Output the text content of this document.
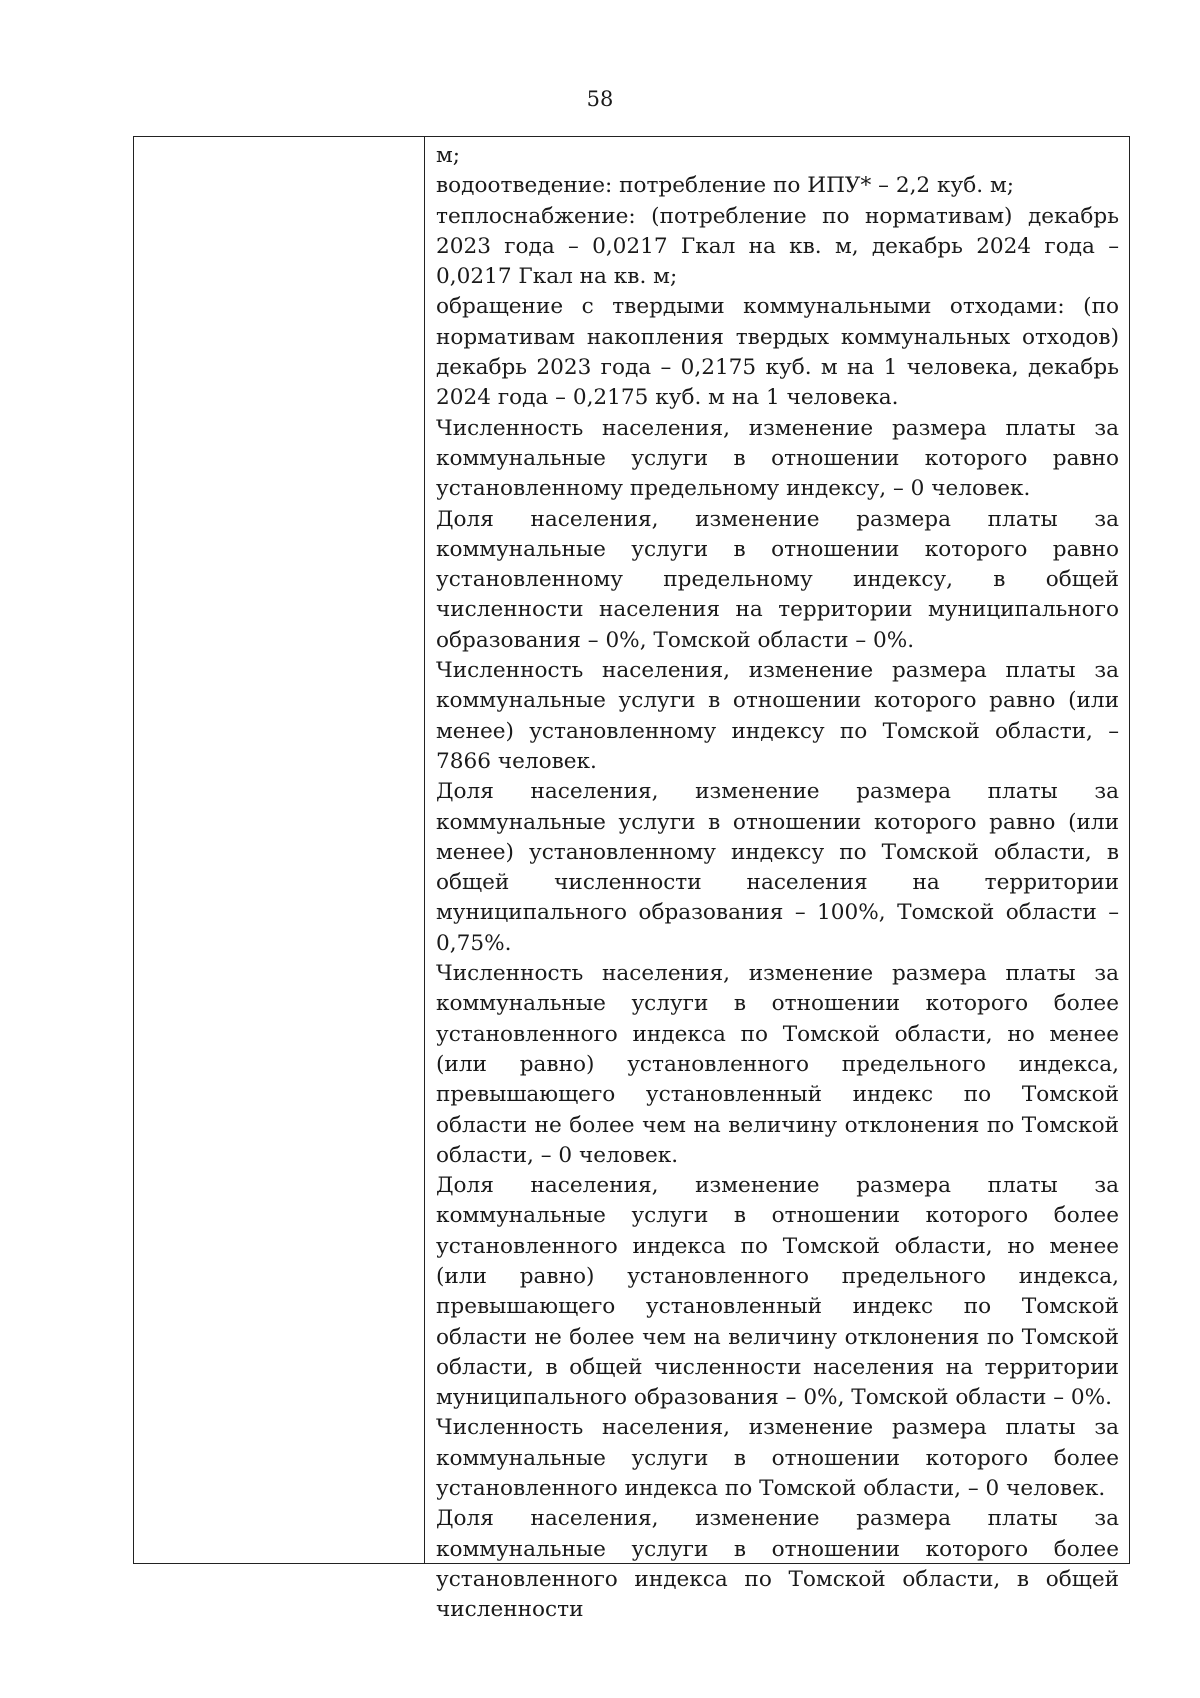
58

м;

водоотведение: потребление по ИПУ* – 2,2 куб. м;

теплоснабжение: (потребление по нормативам) декабрь 2023 года – 0,0217 Гкал на кв. м, декабрь 2024 года – 0,0217 Гкал на кв. м;

обращение с твердыми коммунальными отходами: (по нормативам накопления твердых коммунальных отходов) декабрь 2023 года – 0,2175 куб. м на 1 человека, декабрь 2024 года – 0,2175 куб. м на 1 человека.

Численность населения, изменение размера платы за коммунальные услуги в отношении которого равно установленному предельному индексу, – 0 человек.

Доля населения, изменение размера платы за коммунальные услуги в отношении которого равно установленному предельному индексу, в общей численности населения на территории муниципального образования – 0%, Томской области – 0%.

Численность населения, изменение размера платы за коммунальные услуги в отношении которого равно (или менее) установленному индексу по Томской области, – 7866 человек.

Доля населения, изменение размера платы за коммунальные услуги в отношении которого равно (или менее) установленному индексу по Томской области, в общей численности населения на территории муниципального образования – 100%, Томской области – 0,75%.

Численность населения, изменение размера платы за коммунальные услуги в отношении которого более установленного индекса по Томской области, но менее (или равно) установленного предельного индекса, превышающего установленный индекс по Томской области не более чем на величину отклонения по Томской области, – 0 человек.

Доля населения, изменение размера платы за коммунальные услуги в отношении которого более установленного индекса по Томской области, но менее (или равно) установленного предельного индекса, превышающего установленный индекс по Томской области не более чем на величину отклонения по Томской области, в общей численности населения на территории муниципального образования – 0%, Томской области – 0%.

Численность населения, изменение размера платы за коммунальные услуги в отношении которого более установленного индекса по Томской области, – 0 человек.

Доля населения, изменение размера платы за коммунальные услуги в отношении которого более установленного индекса по Томской области, в общей численности
